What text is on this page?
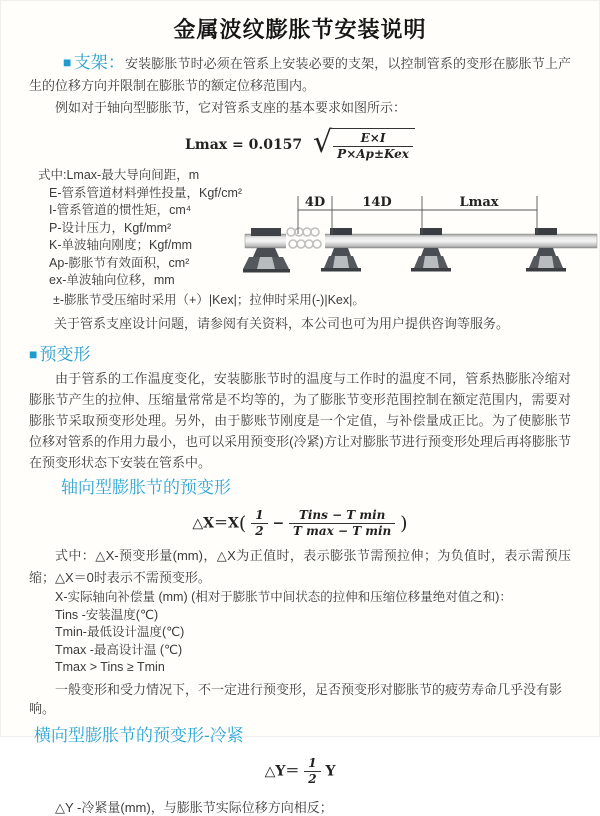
金属波纹膨胀节安装说明

■ 支架：安装膨胀节时必须在管系上安装必要的支架，以控制管系的变形在膨胀节上产生的位移方向并限制在膨胀节的额定位移范围内。

例如对于轴向型膨胀节，它对管系支座的基本要求如图所示：

Lmax = 0.0157 √ $\frac{E\times I}{\text{P×Ap±Kex}}$
式中:Lmax-最大导向间距，m
E-管系管道材料弹性投量，Kgf/cm²
I-管系管道的惯性矩，cm⁴
P-设计压力，Kgf/mm²
K-单波轴向刚度；Kgf/mm
Ap-膨胀节有效面积，cm²
ex-单波轴向位移，mm
±-膨胀节受压缩时采用（+）|Kex|；拉伸时采用(-)|Kex|。

关于管系支座设计问题，请参阅有关资料，本公司也可为用户提供咨询等服务。

■ 预变形

由于管系的工作温度变化，安装膨胀节时的温度与工作时的温度不同，管系热膨胀冷缩对膨胀节产生的拉伸、压缩量常常是不均等的，为了膨胀节变形范围控制在额定范围内，需要对膨胀节采取预变形处理。另外，由于膨账节刚度是一个定值，与补偿量成正比。为了使膨胀节位移对管系的作用力最小，也可以采用预变形(冷紧)方让对膨胀节进行预变形处理后再将膨胀节在预变形状态下安装在管系中。

轴向型膨胀节的预变形
△X＝X( $\frac{1}{2} - \frac{\text{Tins − T min}}{\text{T max − T min}}$ )

式中：△X-预变形量(mm)，△X为正值时，表示膨张节需预拉伸；为负值时，表示需预压缩；△X＝0时表示不需预变形。

X-实际轴向补偿量 (mm) (相对于膨胀节中间状态的拉伸和压缩位移量绝对值之和)：
Tins -安装温度(℃)
Tmin-最低设计温度(℃)
Tmax -最高设计温 (℃)
Tmax > Tins ≥ Tmin

一般变形和受力情况下，不一定进行预变形，足否预变形对膨胀节的疲劳寿命几乎没有影响。

横向型膨胀节的预变形-冷紧
△Y＝ $\frac{1}{2}$ Y

△Y -冷紧量(mm)，与膨胀节实际位移方向相反；

4D	14D	Lmax
